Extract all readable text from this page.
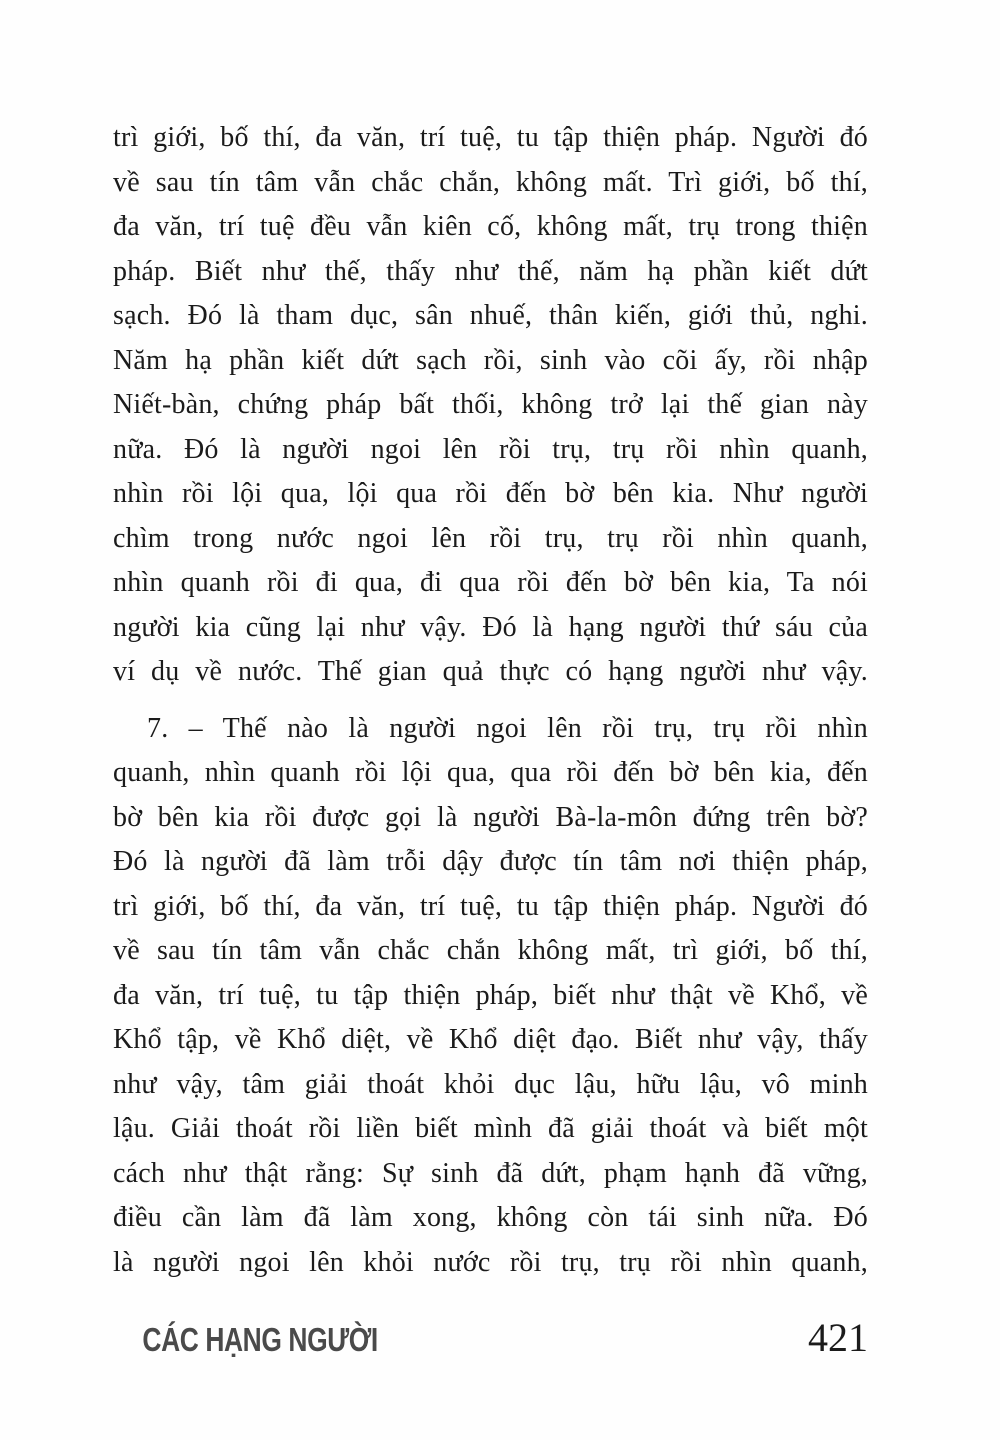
trì giới, bố thí, đa văn, trí tuệ, tu tập thiện pháp. Người đó
về sau tín tâm vẫn chắc chắn, không mất. Trì giới, bố thí,
đa văn, trí tuệ đều vẫn kiên cố, không mất, trụ trong thiện
pháp. Biết như thế, thấy như thế, năm hạ phần kiết dứt
sạch. Đó là tham dục, sân nhuế, thân kiến, giới thủ, nghi.
Năm hạ phần kiết dứt sạch rồi, sinh vào cõi ấy, rồi nhập
Niết-bàn, chứng pháp bất thối, không trở lại thế gian này
nữa. Đó là người ngoi lên rồi trụ, trụ rồi nhìn quanh,
nhìn rồi lội qua, lội qua rồi đến bờ bên kia. Như người
chìm trong nước ngoi lên rồi trụ, trụ rồi nhìn quanh,
nhìn quanh rồi đi qua, đi qua rồi đến bờ bên kia, Ta nói
người kia cũng lại như vậy. Đó là hạng người thứ sáu của
ví dụ về nước. Thế gian quả thực có hạng người như vậy.
7. – Thế nào là người ngoi lên rồi trụ, trụ rồi nhìn
quanh, nhìn quanh rồi lội qua, qua rồi đến bờ bên kia, đến
bờ bên kia rồi được gọi là người Bà-la-môn đứng trên bờ?
Đó là người đã làm trỗi dậy được tín tâm nơi thiện pháp,
trì giới, bố thí, đa văn, trí tuệ, tu tập thiện pháp. Người đó
về sau tín tâm vẫn chắc chắn không mất, trì giới, bố thí,
đa văn, trí tuệ, tu tập thiện pháp, biết như thật về Khổ, về
Khổ tập, về Khổ diệt, về Khổ diệt đạo. Biết như vậy, thấy
như vậy, tâm giải thoát khỏi dục lậu, hữu lậu, vô minh
lậu. Giải thoát rồi liền biết mình đã giải thoát và biết một
cách như thật rằng: Sự sinh đã dứt, phạm hạnh đã vững,
điều cần làm đã làm xong, không còn tái sinh nữa. Đó
là người ngoi lên khỏi nước rồi trụ, trụ rồi nhìn quanh,
CÁC HẠNG NGƯỜI	421
